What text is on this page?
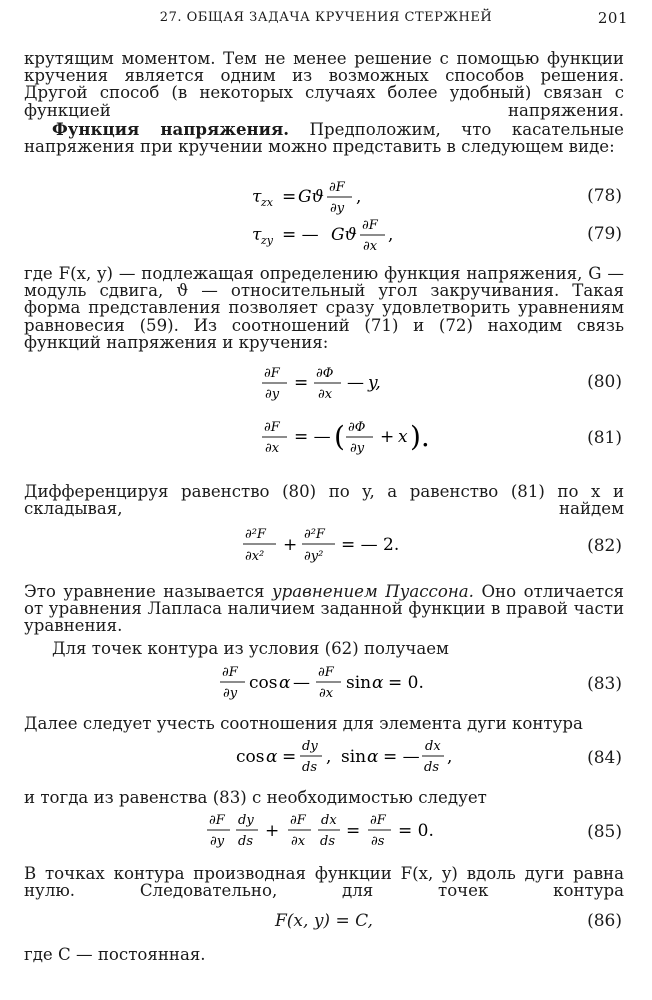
27. ОБЩАЯ ЗАДАЧА КРУЧЕНИЯ СТЕРЖНЕЙ	201
крутящим моментом. Тем не менее решение с помощью функции кручения является одним из возможных способов решения. Другой способ (в некоторых случаях более удобный) связан с функцией напряжения.
Функция напряжения. Предположим, что касательные напряжения при кручении можно представить в следующем виде:
τ zx = Gϑ ∂F
∂y
,	(78)
τ zy = — Gϑ ∂F
∂x
,	(79)
где F(x, y) — подлежащая определению функция напряжения, G — модуль сдвига, ϑ — относительный угол закручивания. Такая форма представления позволяет сразу удовлетворить уравнениям равновесия (59). Из соотношений (71) и (72) находим связь функций напряжения и кручения:
∂F
∂y
= ∂Φ
∂x
— y,	(80)
∂F
∂x
= — ( ∂Φ
∂y
+ x ).	(81)
Дифференцируя равенство (80) по y, а равенство (81) по x и складывая, найдем
∂²F
∂x²
+
∂²F
∂y²
= — 2.	(82)
Это уравнение называется уравнением Пуассона. Оно отличается от уравнения Лапласа наличием заданной функции в правой части уравнения.
Для точек контура из условия (62) получаем
∂F
∂y
cos α —
∂F
∂x
sin α = 0.	(83)
Далее следует учесть соотношения для элемента дуги контура
cos α =
dy
ds
, sin α = —
dx
ds
,	(84)
и тогда из равенства (83) с необходимостью следует
∂F
∂y
dy
ds
+
∂F
∂x
dx
ds
=
∂F
∂s
= 0.	(85)
В точках контура производная функции F(x, y) вдоль дуги равна нулю. Следовательно, для точек контура
F(x, y) = C,	(86)
где C — постоянная.
